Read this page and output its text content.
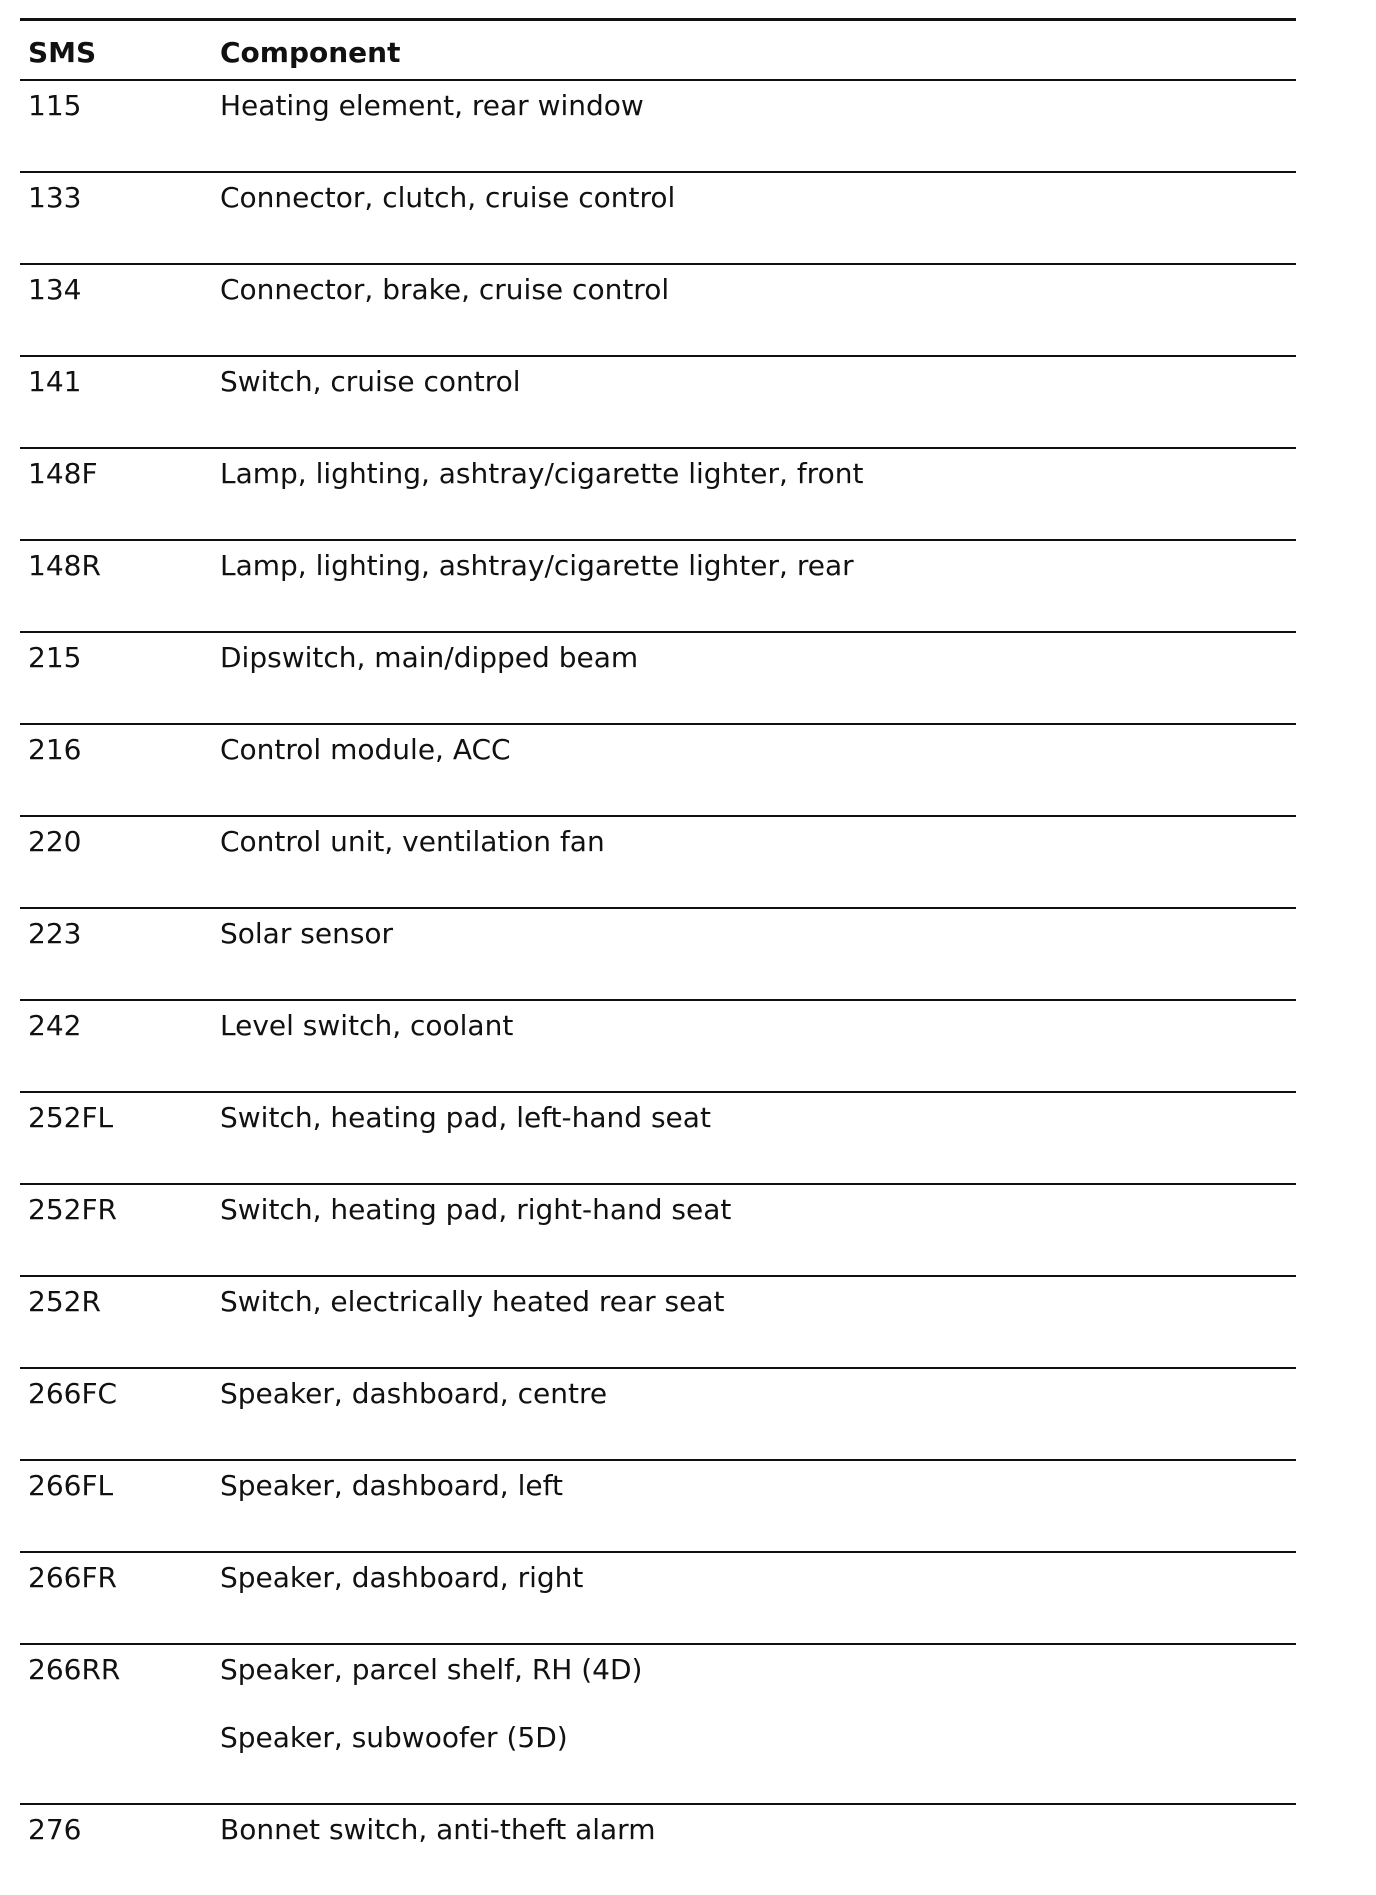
SMS	Component
115	Heating element, rear window
133	Connector, clutch, cruise control
134	Connector, brake, cruise control
141	Switch, cruise control
148F	Lamp, lighting, ashtray/cigarette lighter, front
148R	Lamp, lighting, ashtray/cigarette lighter, rear
215	Dipswitch, main/dipped beam
216	Control module, ACC
220	Control unit, ventilation fan
223	Solar sensor
242	Level switch, coolant
252FL	Switch, heating pad, left-hand seat
252FR	Switch, heating pad, right-hand seat
252R	Switch, electrically heated rear seat
266FC	Speaker, dashboard, centre
266FL	Speaker, dashboard, left
266FR	Speaker, dashboard, right
266RR	Speaker, parcel shelf, RH (4D)
Speaker, subwoofer (5D)
276	Bonnet switch, anti-theft alarm
